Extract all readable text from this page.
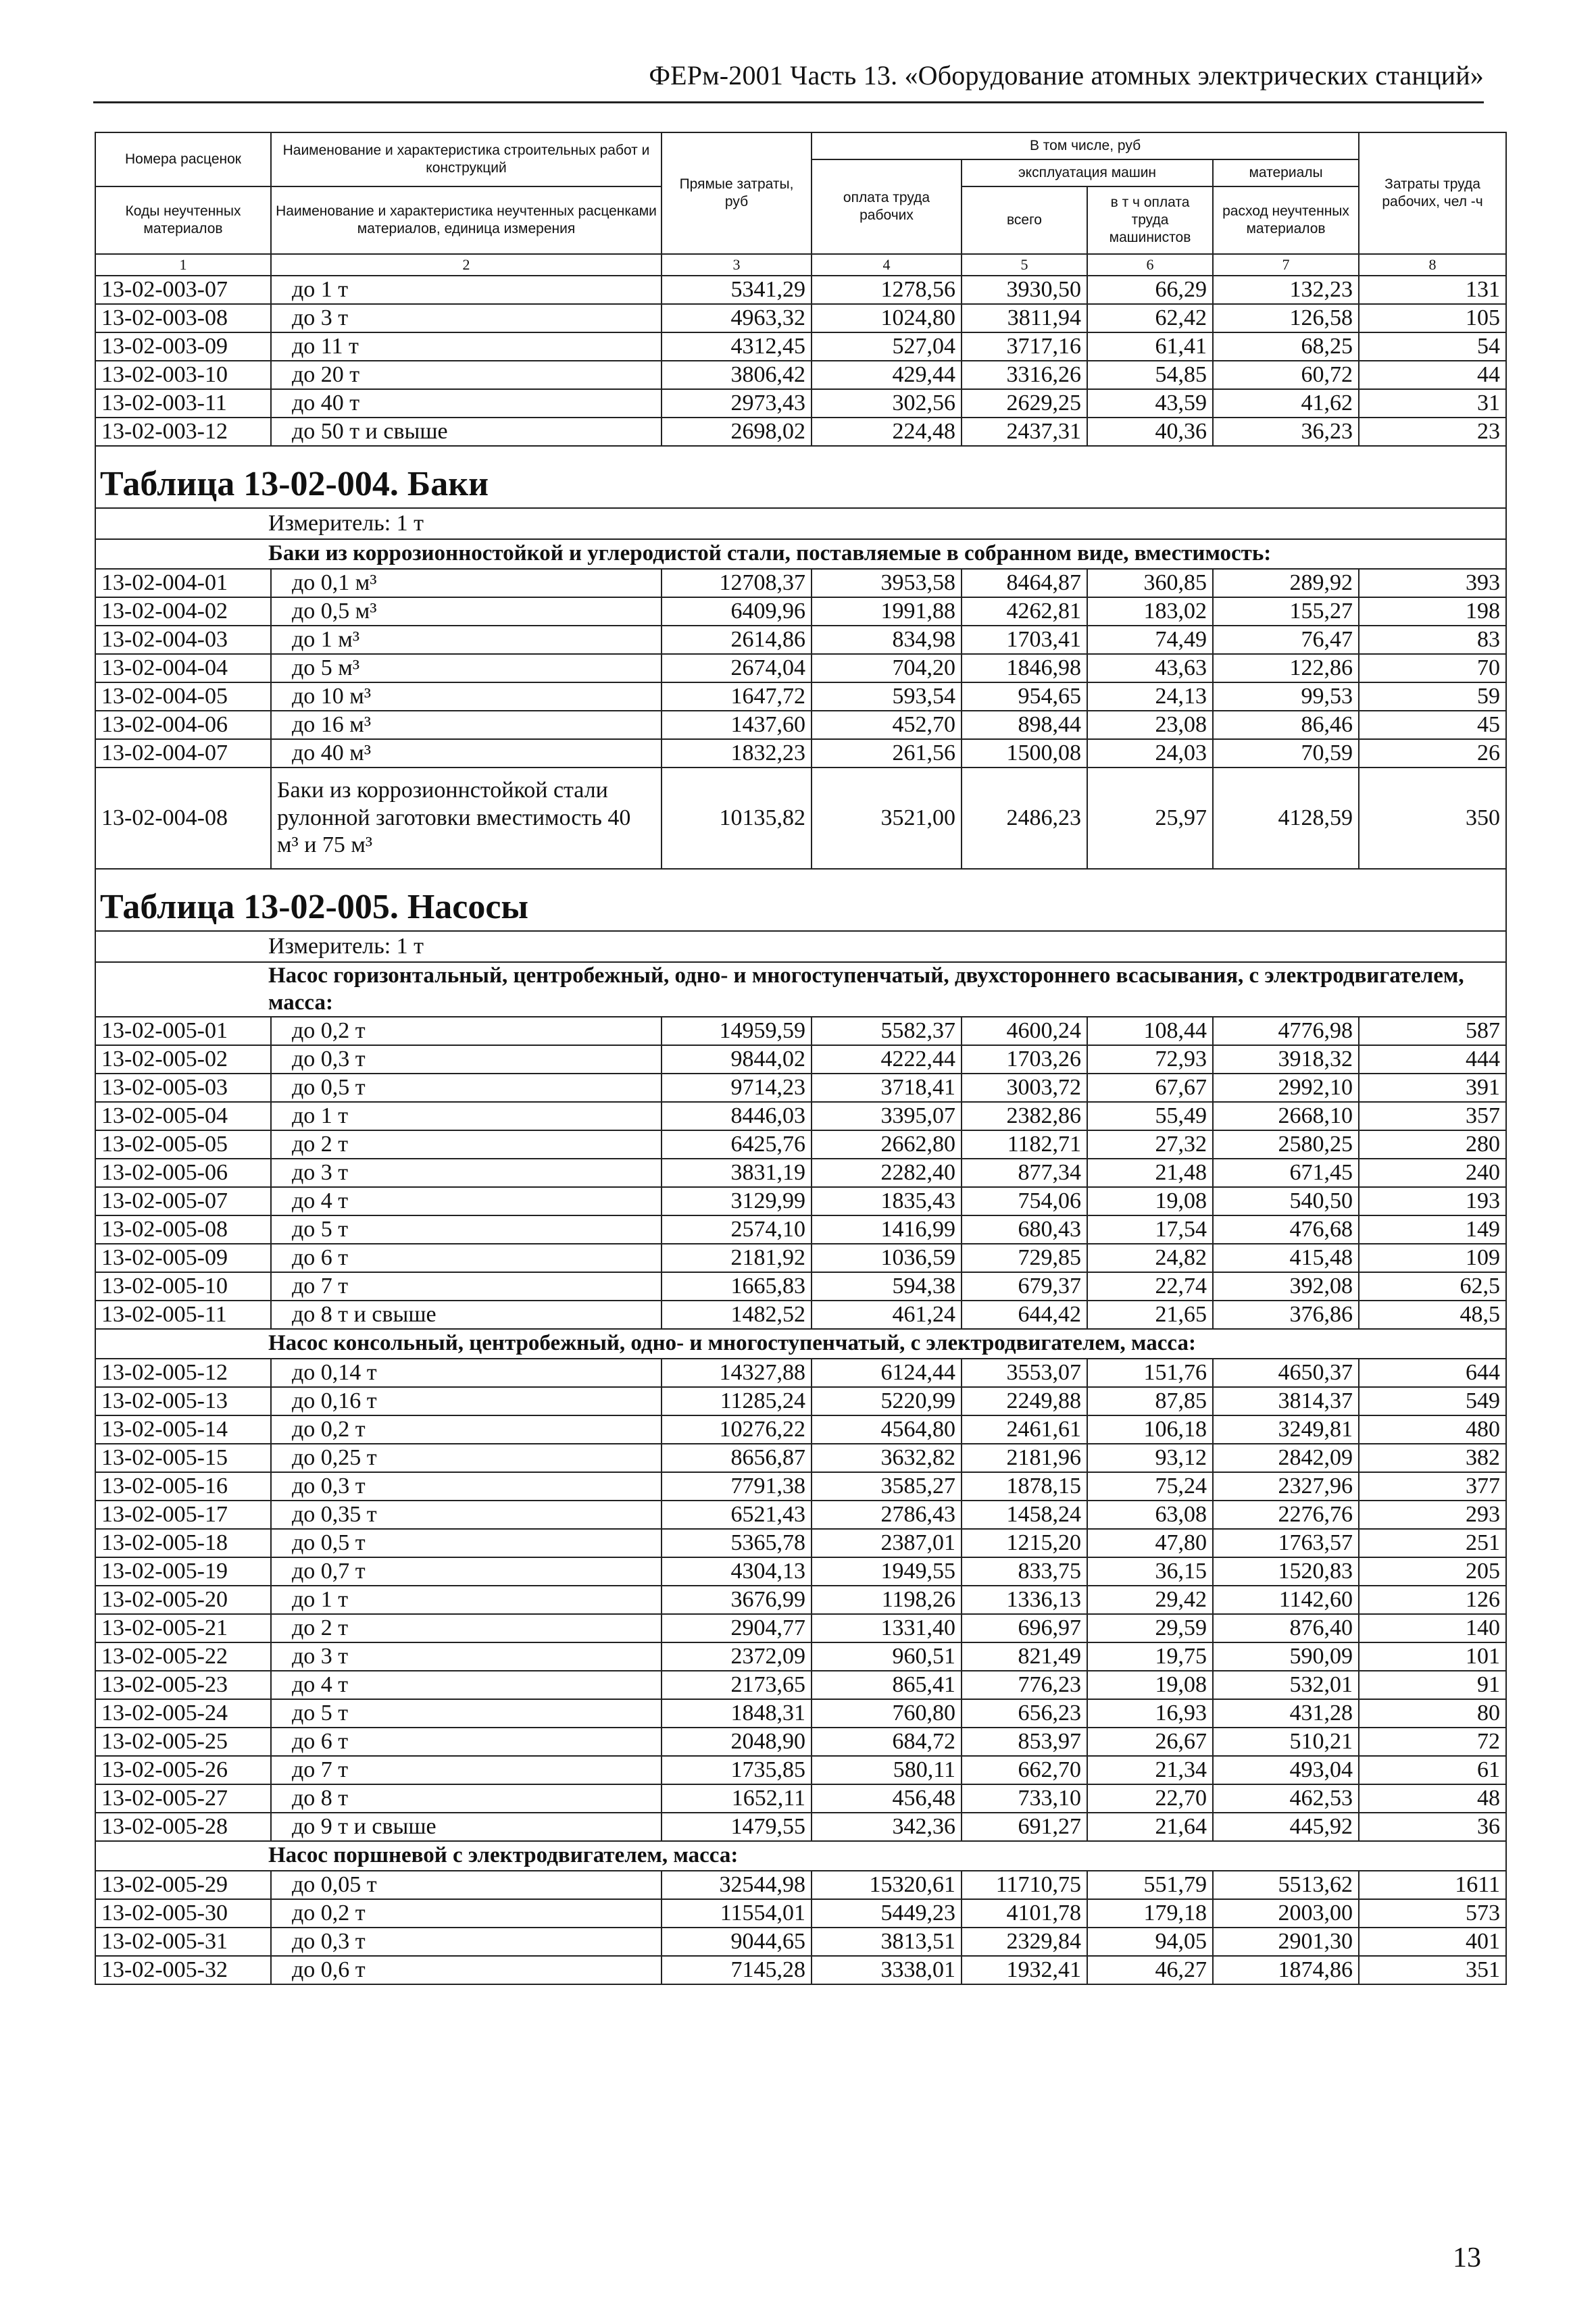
ФЕРм-2001 Часть 13. «Оборудование атомных электрических станций»
Номера расценок	Наименование и характеристика строительных работ и конструкций	Прямые затраты, руб	В том числе, руб				Затраты труда рабочих, чел -ч
			оплата труда рабочих	эксплуатация машин		материалы	
Коды неучтенных материалов	Наименование и характеристика неучтенных расценками материалов, единица измерения			всего	в т ч оплата труда машинистов	расход неучтенных материалов	

1	2	3	4	5	6	7	8
13-02-003-07	до 1 т	5341,29	1278,56	3930,50	66,29	132,23	131
13-02-003-08	до 3 т	4963,32	1024,80	3811,94	62,42	126,58	105
13-02-003-09	до 11 т	4312,45	527,04	3717,16	61,41	68,25	54
13-02-003-10	до 20 т	3806,42	429,44	3316,26	54,85	60,72	44
13-02-003-11	до 40 т	2973,43	302,56	2629,25	43,59	41,62	31
13-02-003-12	до 50 т и свыше	2698,02	224,48	2437,31	40,36	36,23	23

Таблица 13-02-004. Баки							
Измеритель: 1 т							
Баки из коррозионностойкой и углеродистой стали, поставляемые в собранном виде, вместимость:							
13-02-004-01	до 0,1 м³	12708,37	3953,58	8464,87	360,85	289,92	393
13-02-004-02	до 0,5 м³	6409,96	1991,88	4262,81	183,02	155,27	198
13-02-004-03	до 1 м³	2614,86	834,98	1703,41	74,49	76,47	83
13-02-004-04	до 5 м³	2674,04	704,20	1846,98	43,63	122,86	70
13-02-004-05	до 10 м³	1647,72	593,54	954,65	24,13	99,53	59
13-02-004-06	до 16 м³	1437,60	452,70	898,44	23,08	86,46	45
13-02-004-07	до 40 м³	1832,23	261,56	1500,08	24,03	70,59	26
13-02-004-08	Баки из коррозионнстойкой стали рулонной заготовки вместимость 40 м³ и 75 м³	10135,82	3521,00	2486,23	25,97	4128,59	350

Таблица 13-02-005. Насосы							
Измеритель: 1 т							
Насос горизонтальный, центробежный, одно- и многоступенчатый, двухстороннего всасывания, с электродвигателем, масса:							
13-02-005-01	до 0,2 т	14959,59	5582,37	4600,24	108,44	4776,98	587
13-02-005-02	до 0,3 т	9844,02	4222,44	1703,26	72,93	3918,32	444
13-02-005-03	до 0,5 т	9714,23	3718,41	3003,72	67,67	2992,10	391
13-02-005-04	до 1 т	8446,03	3395,07	2382,86	55,49	2668,10	357
13-02-005-05	до 2 т	6425,76	2662,80	1182,71	27,32	2580,25	280
13-02-005-06	до 3 т	3831,19	2282,40	877,34	21,48	671,45	240
13-02-005-07	до 4 т	3129,99	1835,43	754,06	19,08	540,50	193
13-02-005-08	до 5 т	2574,10	1416,99	680,43	17,54	476,68	149
13-02-005-09	до 6 т	2181,92	1036,59	729,85	24,82	415,48	109
13-02-005-10	до 7 т	1665,83	594,38	679,37	22,74	392,08	62,5
13-02-005-11	до 8 т и свыше	1482,52	461,24	644,42	21,65	376,86	48,5
Насос консольный, центробежный, одно- и многоступенчатый, с электродвигателем, масса:							
13-02-005-12	до 0,14 т	14327,88	6124,44	3553,07	151,76	4650,37	644
13-02-005-13	до 0,16 т	11285,24	5220,99	2249,88	87,85	3814,37	549
13-02-005-14	до 0,2 т	10276,22	4564,80	2461,61	106,18	3249,81	480
13-02-005-15	до 0,25 т	8656,87	3632,82	2181,96	93,12	2842,09	382
13-02-005-16	до 0,3 т	7791,38	3585,27	1878,15	75,24	2327,96	377
13-02-005-17	до 0,35 т	6521,43	2786,43	1458,24	63,08	2276,76	293
13-02-005-18	до 0,5 т	5365,78	2387,01	1215,20	47,80	1763,57	251
13-02-005-19	до 0,7 т	4304,13	1949,55	833,75	36,15	1520,83	205
13-02-005-20	до 1 т	3676,99	1198,26	1336,13	29,42	1142,60	126
13-02-005-21	до 2 т	2904,77	1331,40	696,97	29,59	876,40	140
13-02-005-22	до 3 т	2372,09	960,51	821,49	19,75	590,09	101
13-02-005-23	до 4 т	2173,65	865,41	776,23	19,08	532,01	91
13-02-005-24	до 5 т	1848,31	760,80	656,23	16,93	431,28	80
13-02-005-25	до 6 т	2048,90	684,72	853,97	26,67	510,21	72
13-02-005-26	до 7 т	1735,85	580,11	662,70	21,34	493,04	61
13-02-005-27	до 8 т	1652,11	456,48	733,10	22,70	462,53	48
13-02-005-28	до 9 т и свыше	1479,55	342,36	691,27	21,64	445,92	36
Насос поршневой с электродвигателем, масса:							
13-02-005-29	до 0,05 т	32544,98	15320,61	11710,75	551,79	5513,62	1611
13-02-005-30	до 0,2 т	11554,01	5449,23	4101,78	179,18	2003,00	573
13-02-005-31	до 0,3 т	9044,65	3813,51	2329,84	94,05	2901,30	401
13-02-005-32	до 0,6 т	7145,28	3338,01	1932,41	46,27	1874,86	351
13
